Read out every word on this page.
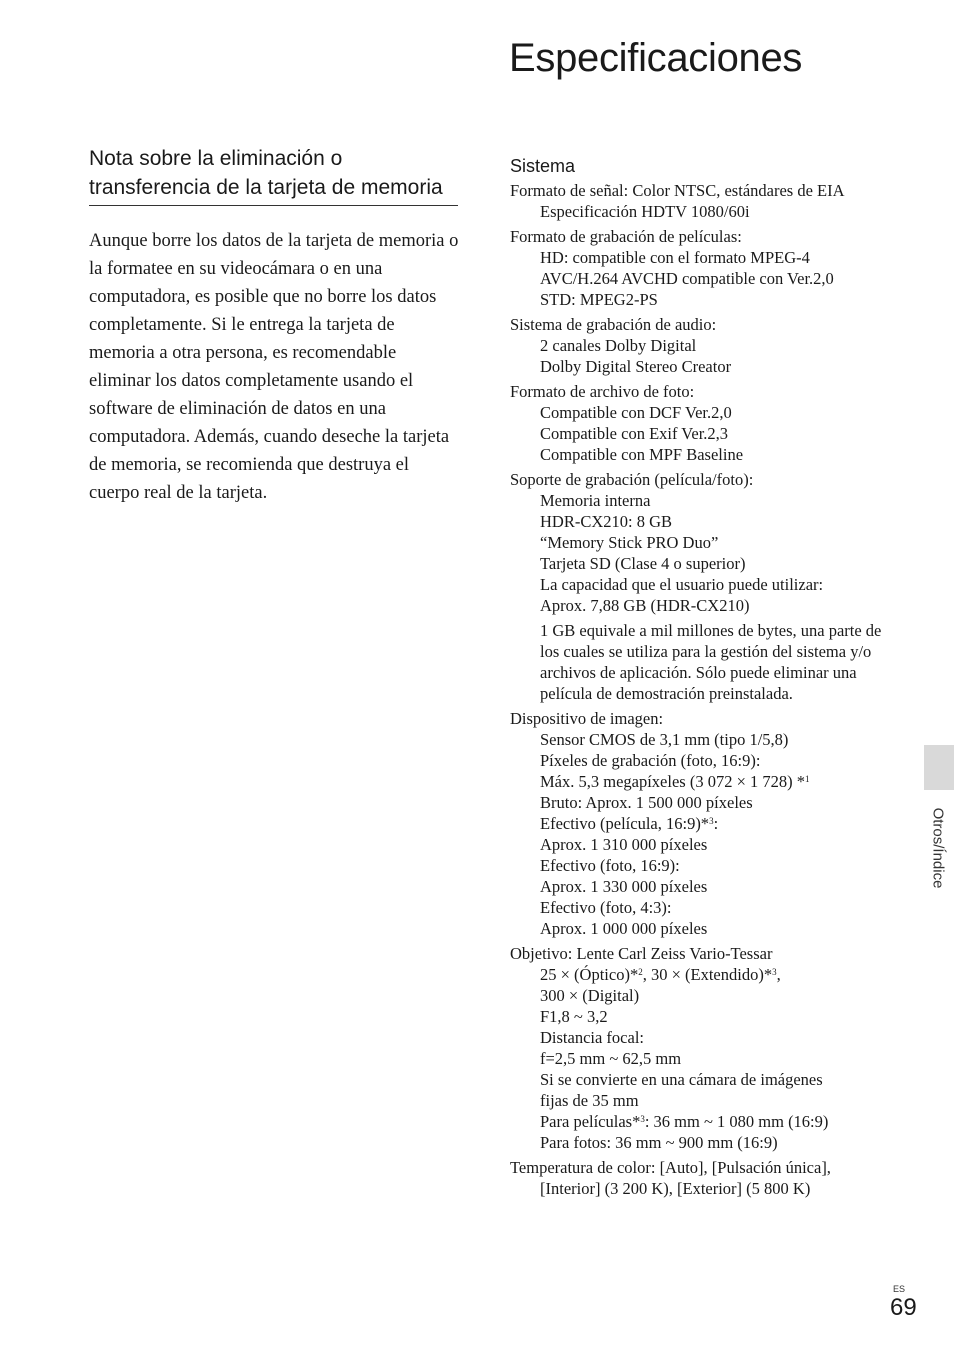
Especificaciones
Nota sobre la eliminación o transferencia de la tarjeta de memoria

Aunque borre los datos de la tarjeta de memoria o la formatee en su videocámara o en una computadora, es posible que no borre los datos completamente. Si le entrega la tarjeta de memoria a otra persona, es recomendable eliminar los datos completamente usando el software de eliminación de datos en una computadora. Además, cuando deseche la tarjeta de memoria, se recomienda que destruya el cuerpo real de la tarjeta.

Sistema
Formato de señal: Color NTSC, estándares de EIA
Especificación HDTV 1080/60i
Formato de grabación de películas:
HD: compatible con el formato MPEG-4
AVC/H.264 AVCHD compatible con Ver.2,0
STD: MPEG2-PS
Sistema de grabación de audio:
2 canales Dolby Digital
Dolby Digital Stereo Creator
Formato de archivo de foto:
Compatible con DCF Ver.2,0
Compatible con Exif Ver.2,3
Compatible con MPF Baseline
Soporte de grabación (película/foto):
Memoria interna
HDR-CX210: 8 GB
“Memory Stick PRO Duo”
Tarjeta SD (Clase 4 o superior)
La capacidad que el usuario puede utilizar:
Aprox. 7,88 GB (HDR-CX210)
1 GB equivale a mil millones de bytes, una parte de los cuales se utiliza para la gestión del sistema y/o archivos de aplicación. Sólo puede eliminar una película de demostración preinstalada.
Dispositivo de imagen:
Sensor CMOS de 3,1 mm (tipo 1/5,8)
Píxeles de grabación (foto, 16:9):
Máx. 5,3 megapíxeles (3 072 × 1 728) *$^1$
Bruto: Aprox. 1 500 000 píxeles
Efectivo (película, 16:9)*$^3$:
Aprox. 1 310 000 píxeles
Efectivo (foto, 16:9):
Aprox. 1 330 000 píxeles
Efectivo (foto, 4:3):
Aprox. 1 000 000 píxeles
Objetivo: Lente Carl Zeiss Vario-Tessar
25 × (Óptico)*$^2$, 30 × (Extendido)*$^3$,
300 × (Digital)
F1,8 ~ 3,2
Distancia focal:
f=2,5 mm ~ 62,5 mm
Si se convierte en una cámara de imágenes
fijas de 35 mm
Para películas*$^3$: 36 mm ~ 1 080 mm (16:9)
Para fotos: 36 mm ~ 900 mm (16:9)
Temperatura de color: [Auto], [Pulsación única],
[Interior] (3 200 K), [Exterior] (5 800 K)
Otros/Índice
ES
69
